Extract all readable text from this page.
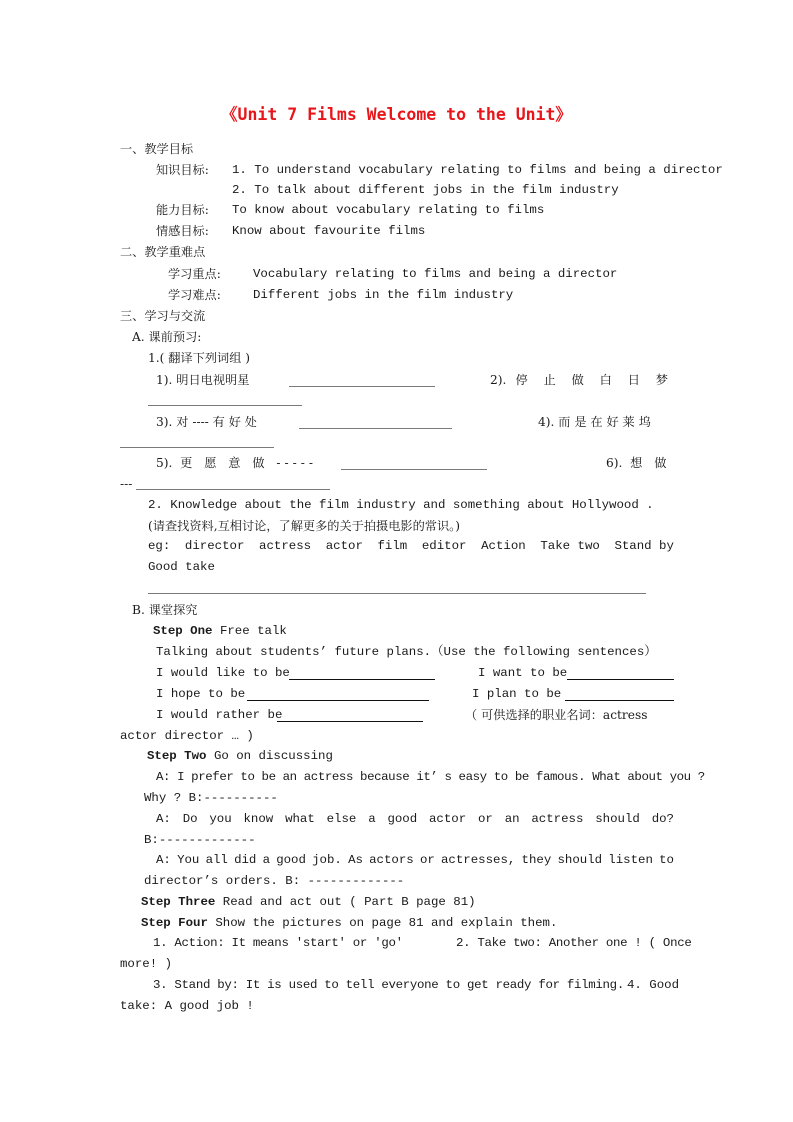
《Unit 7 Films Welcome to the Unit》
一、教学目标
知识目标: 1. To understand vocabulary relating to films and being a director
2. To talk about different jobs in the film industry
能力目标: To know about vocabulary relating to films
情感目标: Know about favourite films
二、教学重难点
学习重点:	Vocabulary relating to films and being a director
学习难点:	Different jobs in the film industry
三、学习与交流
A. 课前预习:
1.( 翻译下列词组 )
1). 明日电视明星	2). 停 止 做 白 日 梦
3). 对 ---- 有 好 处	4). 而 是 在 好 莱 坞
5). 更 愿 意 做 -----	6). 想 做
---
2. Knowledge about the film industry and something about Hollywood .
(请查找资料,互相讨论，了解更多的关于拍摄电影的常识。)
eg: director actress actor film editor Action Take two Stand by
Good take
B. 课堂探究
Step One Free talk
Talking about students’ future plans.（Use the following sentences）
I would like to be	I want to be
I hope to be	I plan to be
I would rather be	（ 可供选择的职业名词：actress
actor director … )
Step Two Go on discussing
A: I prefer to be an actress because it’ s easy to be famous. What about you ?
Why ? B:----------
A: Do you know what else a good actor or an actress should do?
B:-------------
A: You all did a good job. As actors or actresses, they should listen to
director’s orders. B: -------------
Step Three Read and act out ( Part B page 81)
Step Four Show the pictures on page 81 and explain them.
1. Action: It means 'start' or 'go'	2. Take two: Another one ! ( Once
more! )
3. Stand by: It is used to tell everyone to get ready for filming. 4. Good
take: A good job !
